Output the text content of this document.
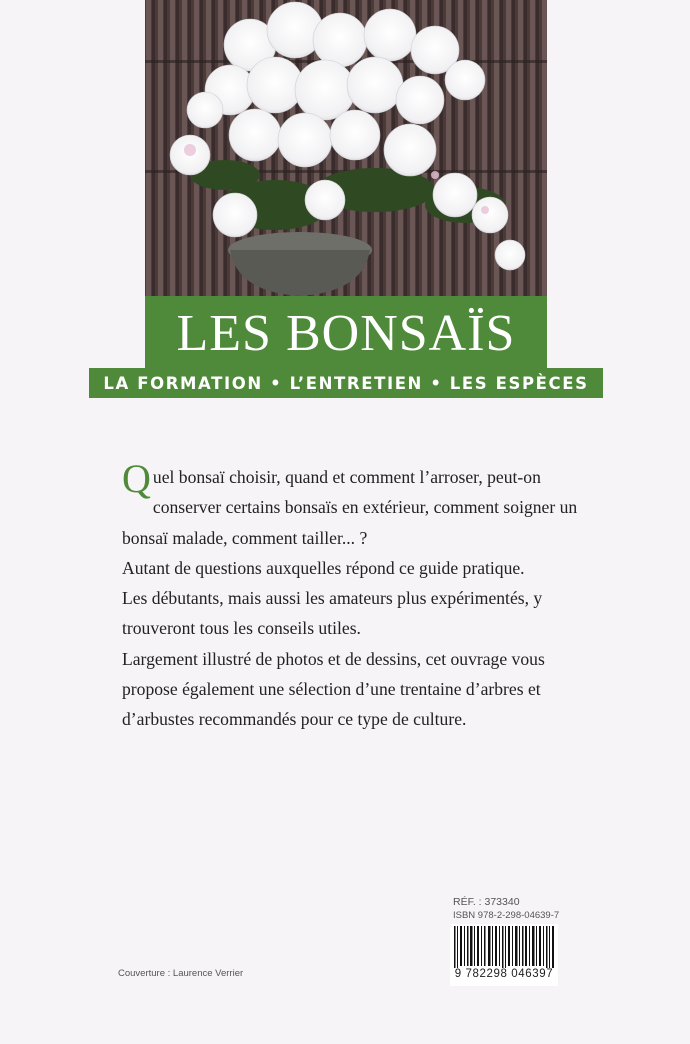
LES BONSAÏS
LA FORMATION • L’ENTRETIEN • LES ESPÈCES

Quel bonsaï choisir, quand et comment l’arroser, peut-on conserver certains bonsaïs en extérieur, comment soigner un bonsaï malade, comment tailler... ?

Autant de questions auxquelles répond ce guide pratique.

Les débutants, mais aussi les amateurs plus expérimentés, y trouveront tous les conseils utiles.

Largement illustré de photos et de dessins, cet ouvrage vous propose également une sélection d’une trentaine d’arbres et d’arbustes recommandés pour ce type de culture.

RÉF. : 373340
ISBN 978-2-298-04639-7
9 782298 046397
Couverture : Laurence Verrier
